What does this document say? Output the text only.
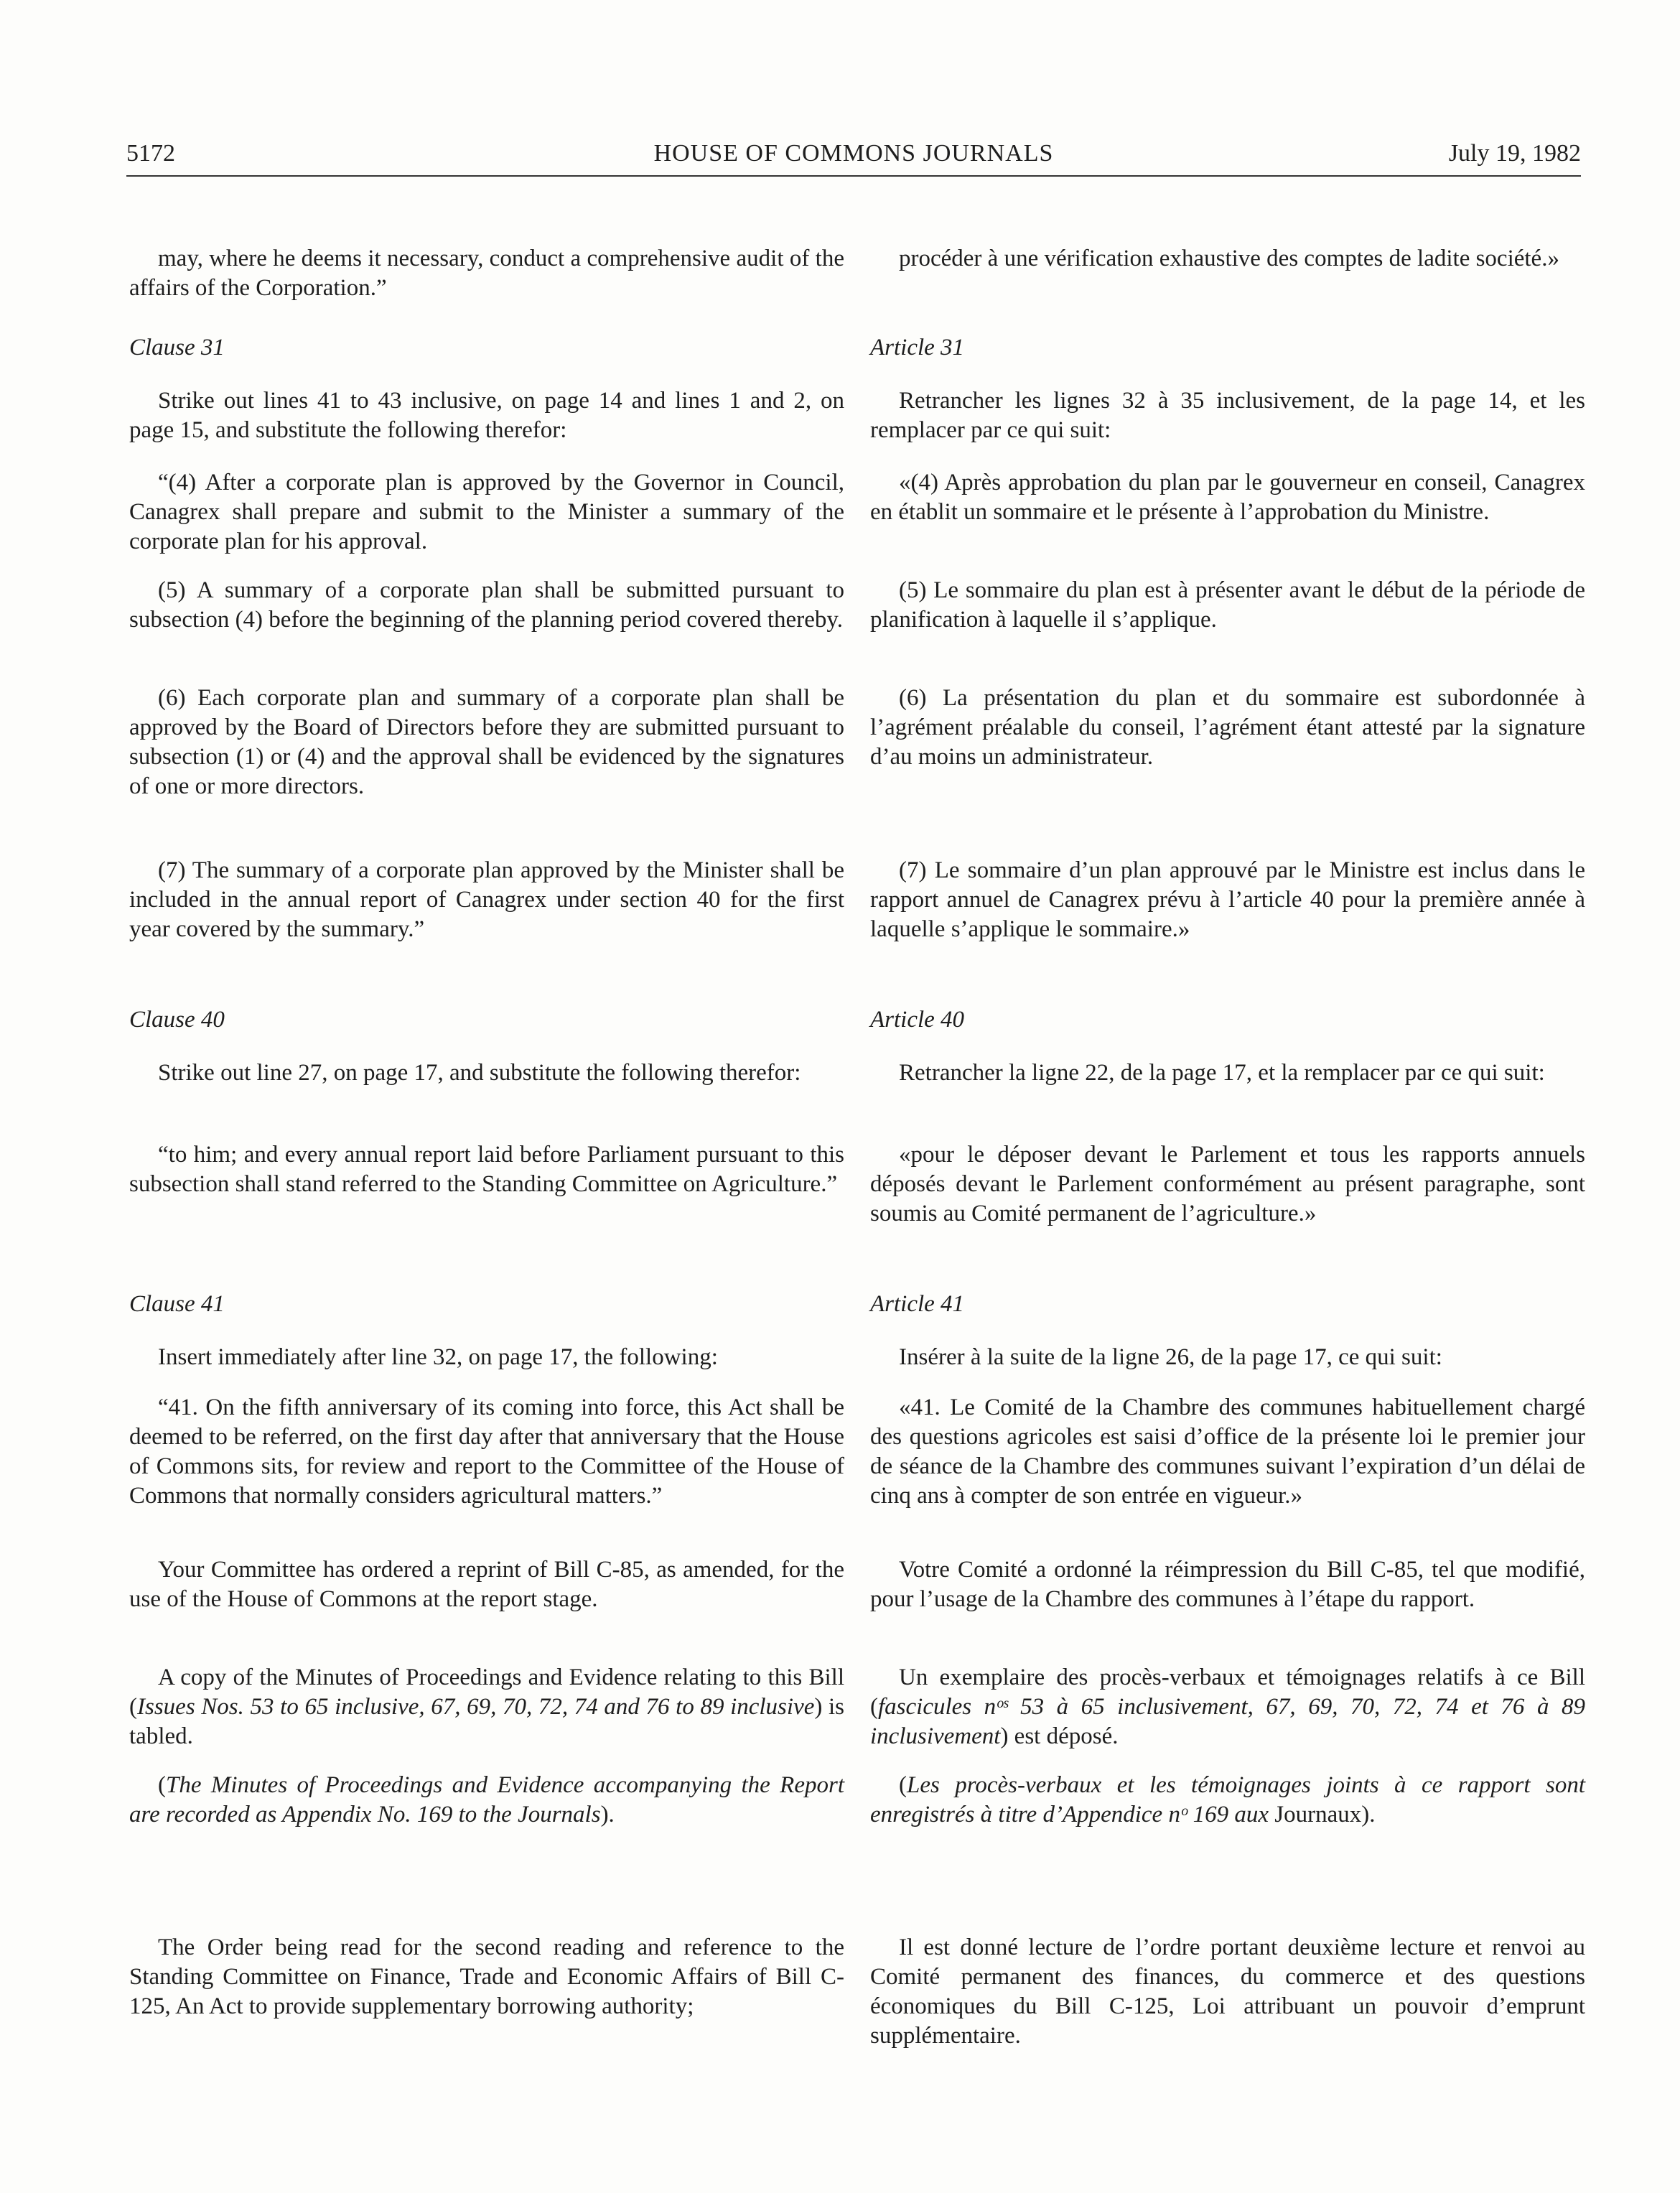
5172	HOUSE OF COMMONS JOURNALS	July 19, 1982

may, where he deems it necessary, conduct a comprehensive audit of the affairs of the Corporation.”

Clause 31

Strike out lines 41 to 43 inclusive, on page 14 and lines 1 and 2, on page 15, and substitute the following therefor:

“(4) After a corporate plan is approved by the Governor in Council, Canagrex shall prepare and submit to the Minister a summary of the corporate plan for his approval.

(5) A summary of a corporate plan shall be submitted pursuant to subsection (4) before the beginning of the planning period covered thereby.

(6) Each corporate plan and summary of a corporate plan shall be approved by the Board of Directors before they are submitted pursuant to subsection (1) or (4) and the approval shall be evidenced by the signatures of one or more directors.

(7) The summary of a corporate plan approved by the Minister shall be included in the annual report of Canagrex under section 40 for the first year covered by the summary.”

Clause 40

Strike out line 27, on page 17, and substitute the following therefor:

“to him; and every annual report laid before Parliament pursuant to this subsection shall stand referred to the Standing Committee on Agriculture.”

Clause 41

Insert immediately after line 32, on page 17, the following:

“41. On the fifth anniversary of its coming into force, this Act shall be deemed to be referred, on the first day after that anniversary that the House of Commons sits, for review and report to the Committee of the House of Commons that normally considers agricultural matters.”

Your Committee has ordered a reprint of Bill C-85, as amended, for the use of the House of Commons at the report stage.

A copy of the Minutes of Proceedings and Evidence relating to this Bill (Issues Nos. 53 to 65 inclusive, 67, 69, 70, 72, 74 and 76 to 89 inclusive) is tabled.

(The Minutes of Proceedings and Evidence accompanying the Report are recorded as Appendix No. 169 to the Journals).

The Order being read for the second reading and reference to the Standing Committee on Finance, Trade and Economic Affairs of Bill C-125, An Act to provide supplementary borrowing authority;

procéder à une vérification exhaustive des comptes de ladite société.»

Article 31

Retrancher les lignes 32 à 35 inclusivement, de la page 14, et les remplacer par ce qui suit:

«(4) Après approbation du plan par le gouverneur en conseil, Canagrex en établit un sommaire et le présente à l’approbation du Ministre.

(5) Le sommaire du plan est à présenter avant le début de la période de planification à laquelle il s’applique.

(6) La présentation du plan et du sommaire est subordonnée à l’agrément préalable du conseil, l’agrément étant attesté par la signature d’au moins un administrateur.

(7) Le sommaire d’un plan approuvé par le Ministre est inclus dans le rapport annuel de Canagrex prévu à l’article 40 pour la première année à laquelle s’applique le sommaire.»

Article 40

Retrancher la ligne 22, de la page 17, et la remplacer par ce qui suit:

«pour le déposer devant le Parlement et tous les rapports annuels déposés devant le Parlement conformément au présent paragraphe, sont soumis au Comité permanent de l’agriculture.»

Article 41

Insérer à la suite de la ligne 26, de la page 17, ce qui suit:

«41. Le Comité de la Chambre des communes habituellement chargé des questions agricoles est saisi d’office de la présente loi le premier jour de séance de la Chambre des communes suivant l’expiration d’un délai de cinq ans à compter de son entrée en vigueur.»

Votre Comité a ordonné la réimpression du Bill C-85, tel que modifié, pour l’usage de la Chambre des communes à l’étape du rapport.

Un exemplaire des procès-verbaux et témoignages relatifs à ce Bill (fascicules nᵒˢ 53 à 65 inclusivement, 67, 69, 70, 72, 74 et 76 à 89 inclusivement) est déposé.

(Les procès-verbaux et les témoignages joints à ce rapport sont enregistrés à titre d’Appendice nᵒ 169 aux Journaux).

Il est donné lecture de l’ordre portant deuxième lecture et renvoi au Comité permanent des finances, du commerce et des questions économiques du Bill C-125, Loi attribuant un pouvoir d’emprunt supplémentaire.
